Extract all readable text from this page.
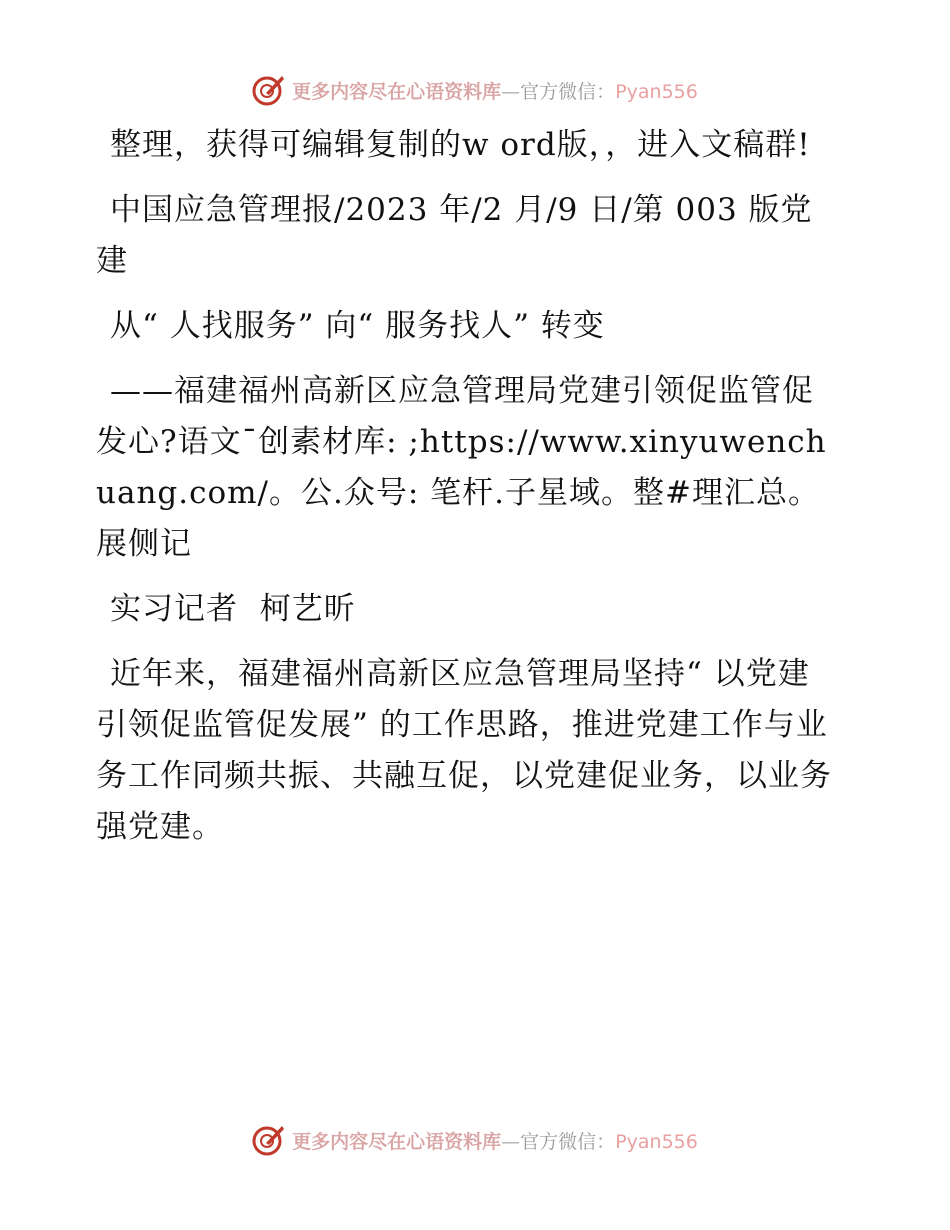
更多内容尽在心语资料库—官方微信：Pyan556

整理，获得可编辑复制的w ord版，，进入文稿群!

中国应急管理报/2023 年/2 月/9 日/第 003 版党建

从“ 人找服务” 向“ 服务找人” 转变

——福建福州高新区应急管理局党建引领促监管促发心?语文¯创素材库: ;https://www.xinyuwenchuang.com/。公.众号: 笔杆.子星域。整#理汇总。展侧记

实习记者  柯艺昕

近年来，福建福州高新区应急管理局坚持“ 以党建引领促监管促发展” 的工作思路，推进党建工作与业务工作同频共振、共融互促，以党建促业务，以业务强党建。

更多内容尽在心语资料库—官方微信：Pyan556
